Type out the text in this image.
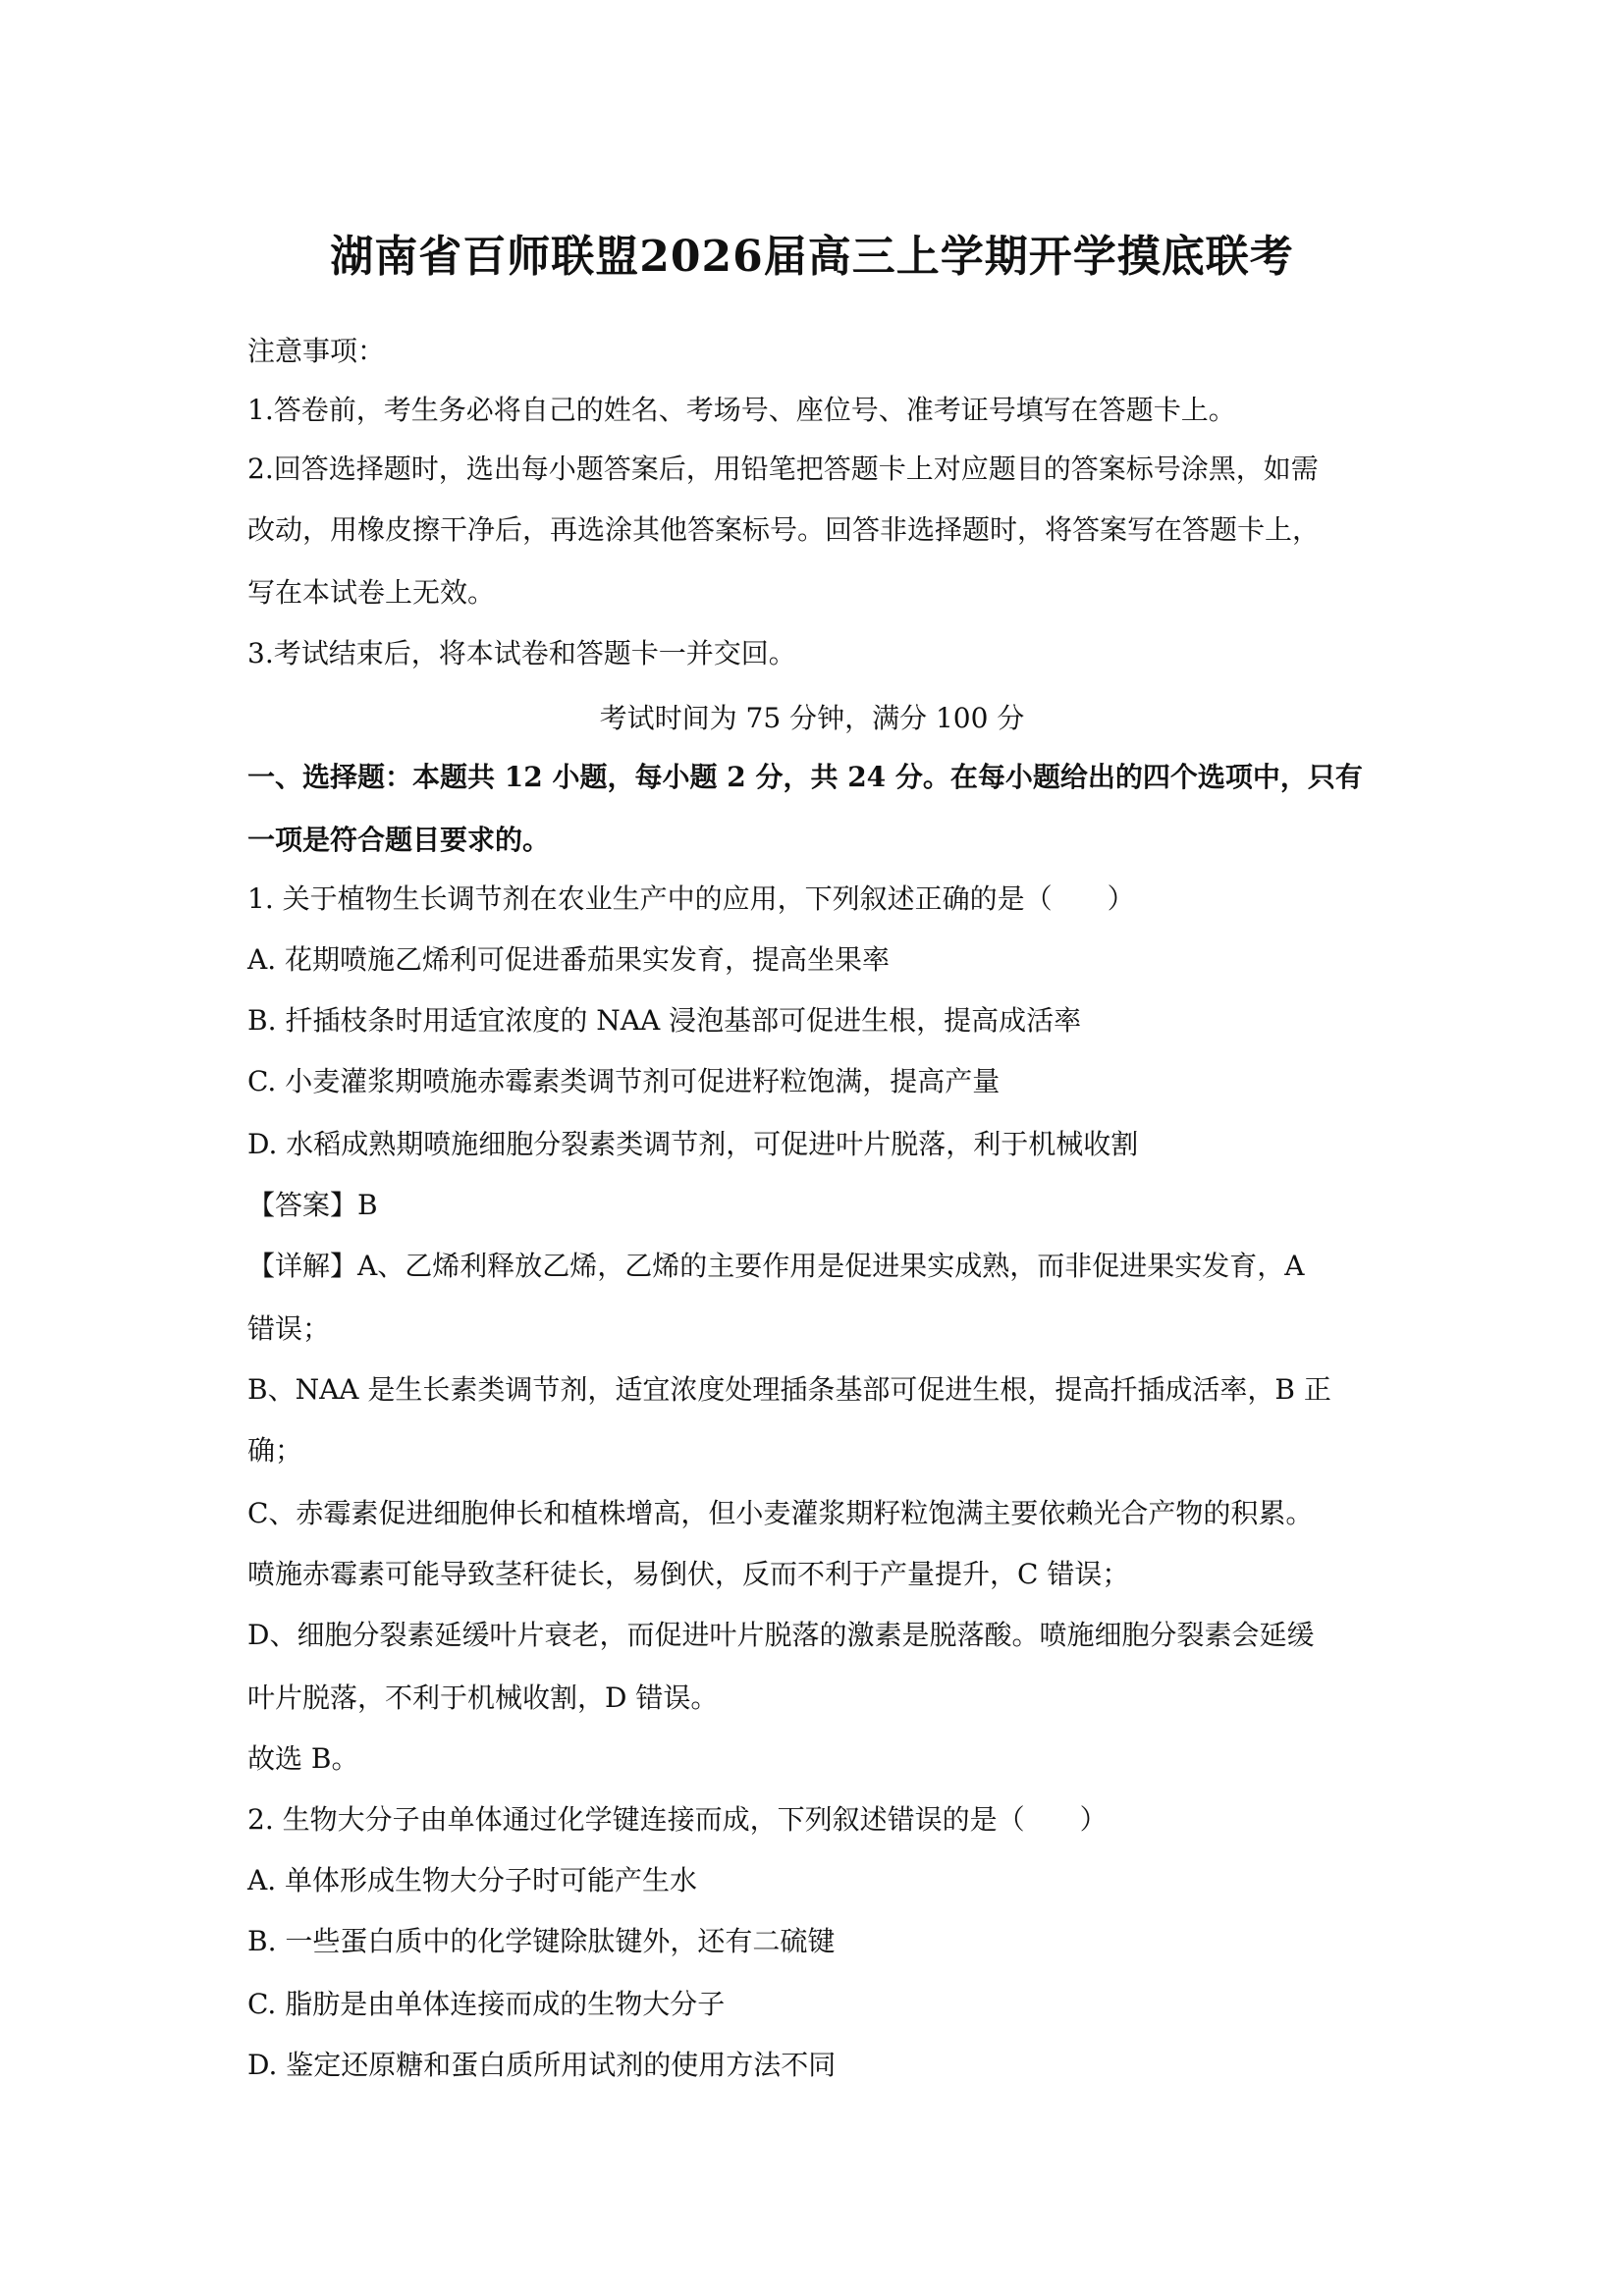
湖南省百师联盟2026届高三上学期开学摸底联考
注意事项：
1.答卷前，考生务必将自己的姓名、考场号、座位号、准考证号填写在答题卡上。
2.回答选择题时，选出每小题答案后，用铅笔把答题卡上对应题目的答案标号涂黑，如需
改动，用橡皮擦干净后，再选涂其他答案标号。回答非选择题时，将答案写在答题卡上，
写在本试卷上无效。
3.考试结束后，将本试卷和答题卡一并交回。
考试时间为 75 分钟，满分 100 分
一、选择题：本题共 12 小题，每小题 2 分，共 24 分。在每小题给出的四个选项中，只有
一项是符合题目要求的。
1. 关于植物生长调节剂在农业生产中的应用，下列叙述正确的是（　　）
A. 花期喷施乙烯利可促进番茄果实发育，提高坐果率
B. 扦插枝条时用适宜浓度的 NAA 浸泡基部可促进生根，提高成活率
C. 小麦灌浆期喷施赤霉素类调节剂可促进籽粒饱满，提高产量
D. 水稻成熟期喷施细胞分裂素类调节剂，可促进叶片脱落，利于机械收割
【答案】B
【详解】A、乙烯利释放乙烯，乙烯的主要作用是促进果实成熟，而非促进果实发育，A
错误；
B、NAA 是生长素类调节剂，适宜浓度处理插条基部可促进生根，提高扦插成活率，B 正
确；
C、赤霉素促进细胞伸长和植株增高，但小麦灌浆期籽粒饱满主要依赖光合产物的积累。
喷施赤霉素可能导致茎秆徒长，易倒伏，反而不利于产量提升，C 错误；
D、细胞分裂素延缓叶片衰老，而促进叶片脱落的激素是脱落酸。喷施细胞分裂素会延缓
叶片脱落，不利于机械收割，D 错误。
故选 B。
2. 生物大分子由单体通过化学键连接而成，下列叙述错误的是（　　）
A. 单体形成生物大分子时可能产生水
B. 一些蛋白质中的化学键除肽键外，还有二硫键
C. 脂肪是由单体连接而成的生物大分子
D. 鉴定还原糖和蛋白质所用试剂的使用方法不同
